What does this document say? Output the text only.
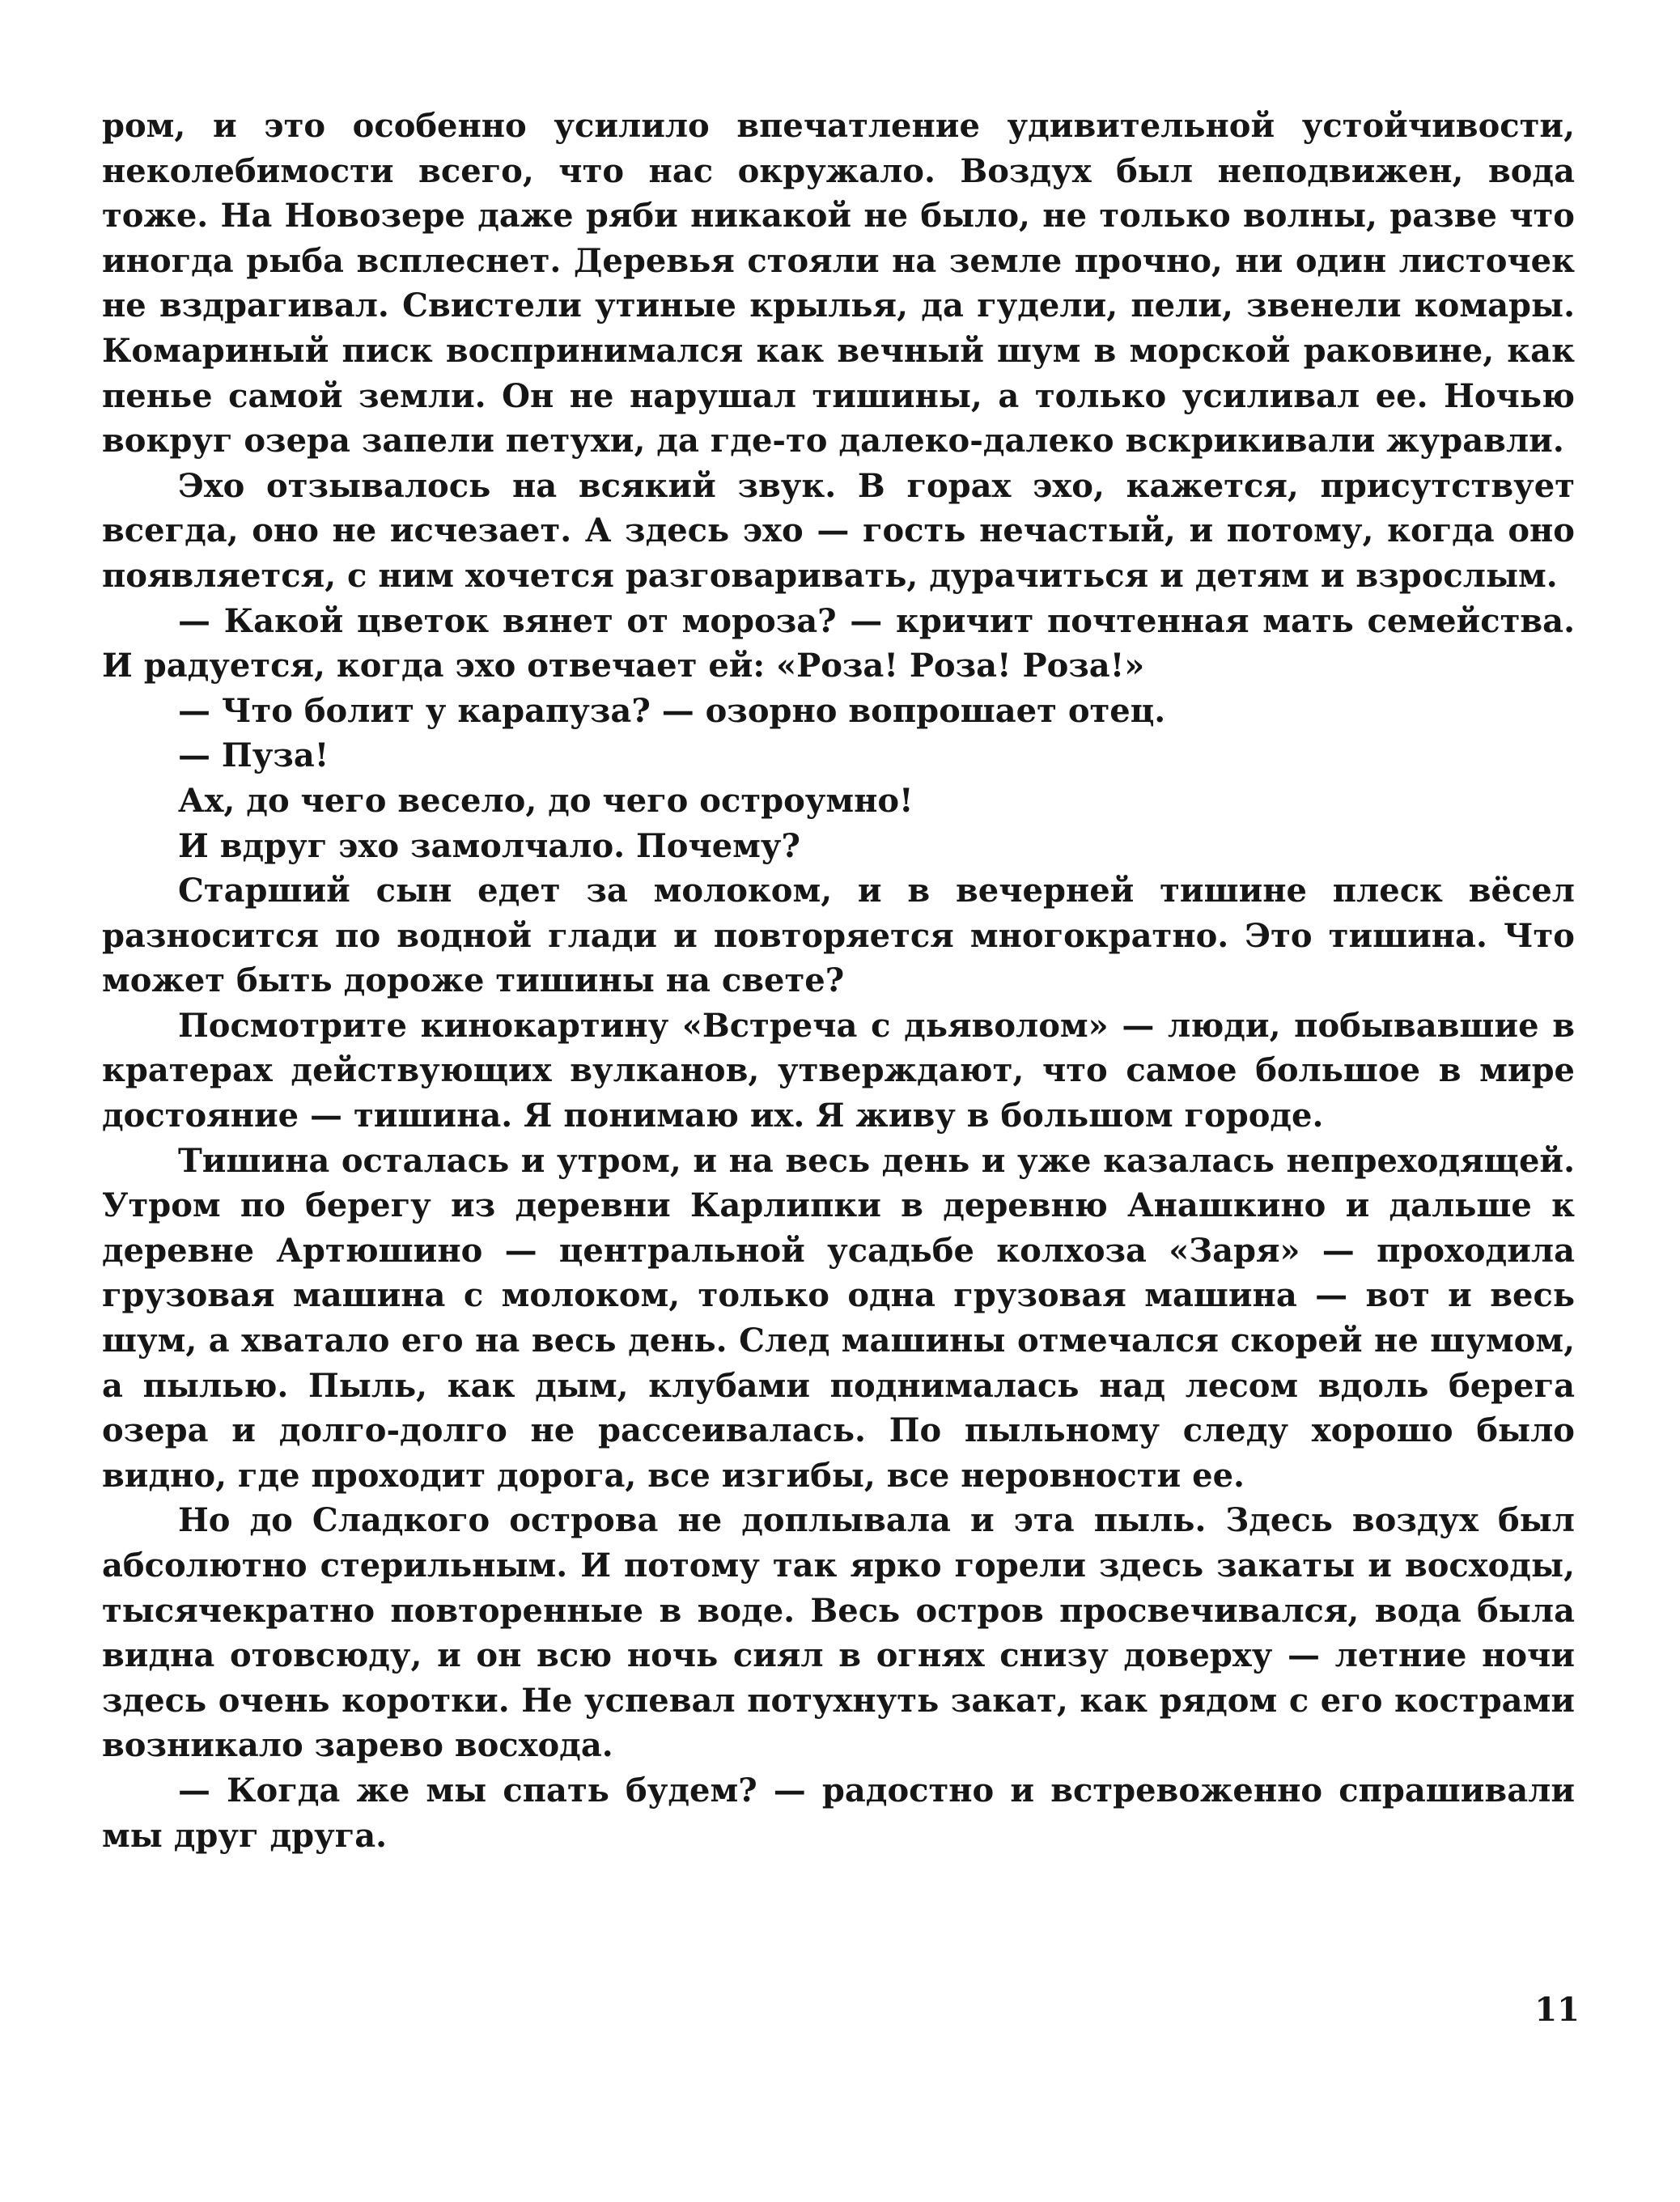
ром, и это особенно усилило впечатление удивительной устойчивости, неколебимости всего, что нас окружало. Воздух был неподвижен, вода тоже. На Новозере даже ряби никакой не было, не только волны, разве что иногда рыба всплеснет. Деревья стояли на земле прочно, ни один листочек не вздрагивал. Свистели утиные крылья, да гудели, пели, звенели комары. Комариный писк воспринимался как вечный шум в морской раковине, как пенье самой земли. Он не нарушал тишины, а только усиливал ее. Ночью вокруг озера запели петухи, да где-то далеко-далеко вскрикивали журавли.

Эхо отзывалось на всякий звук. В горах эхо, кажется, присутствует всегда, оно не исчезает. А здесь эхо — гость нечастый, и потому, когда оно появляется, с ним хочется разговаривать, дурачиться и детям и взрослым.

— Какой цветок вянет от мороза? — кричит почтенная мать семейства. И радуется, когда эхо отвечает ей: «Роза! Роза! Роза!»

— Что болит у карапуза? — озорно вопрошает отец.

— Пуза!

Ах, до чего весело, до чего остроумно!

И вдруг эхо замолчало. Почему?

Старший сын едет за молоком, и в вечерней тишине плеск вёсел разносится по водной глади и повторяется многократно. Это тишина. Что может быть дороже тишины на свете?

Посмотрите кинокартину «Встреча с дьяволом» — люди, побывавшие в кратерах действующих вулканов, утверждают, что самое большое в мире достояние — тишина. Я понимаю их. Я живу в большом городе.

Тишина осталась и утром, и на весь день и уже казалась непреходящей. Утром по берегу из деревни Карлипки в деревню Анашкино и дальше к деревне Артюшино — центральной усадьбе колхоза «Заря» — проходила грузовая машина с молоком, только одна грузовая машина — вот и весь шум, а хватало его на весь день. След машины отмечался скорей не шумом, а пылью. Пыль, как дым, клубами поднималась над лесом вдоль берега озера и долго-долго не рассеивалась. По пыльному следу хорошо было видно, где проходит дорога, все изгибы, все неровности ее.

Но до Сладкого острова не доплывала и эта пыль. Здесь воздух был абсолютно стерильным. И потому так ярко горели здесь закаты и восходы, тысячекратно повторенные в воде. Весь остров просвечивался, вода была видна отовсюду, и он всю ночь сиял в огнях снизу доверху — летние ночи здесь очень коротки. Не успевал потухнуть закат, как рядом с его кострами возникало зарево восхода.

— Когда же мы спать будем? — радостно и встревоженно спрашивали мы друг друга.

11
